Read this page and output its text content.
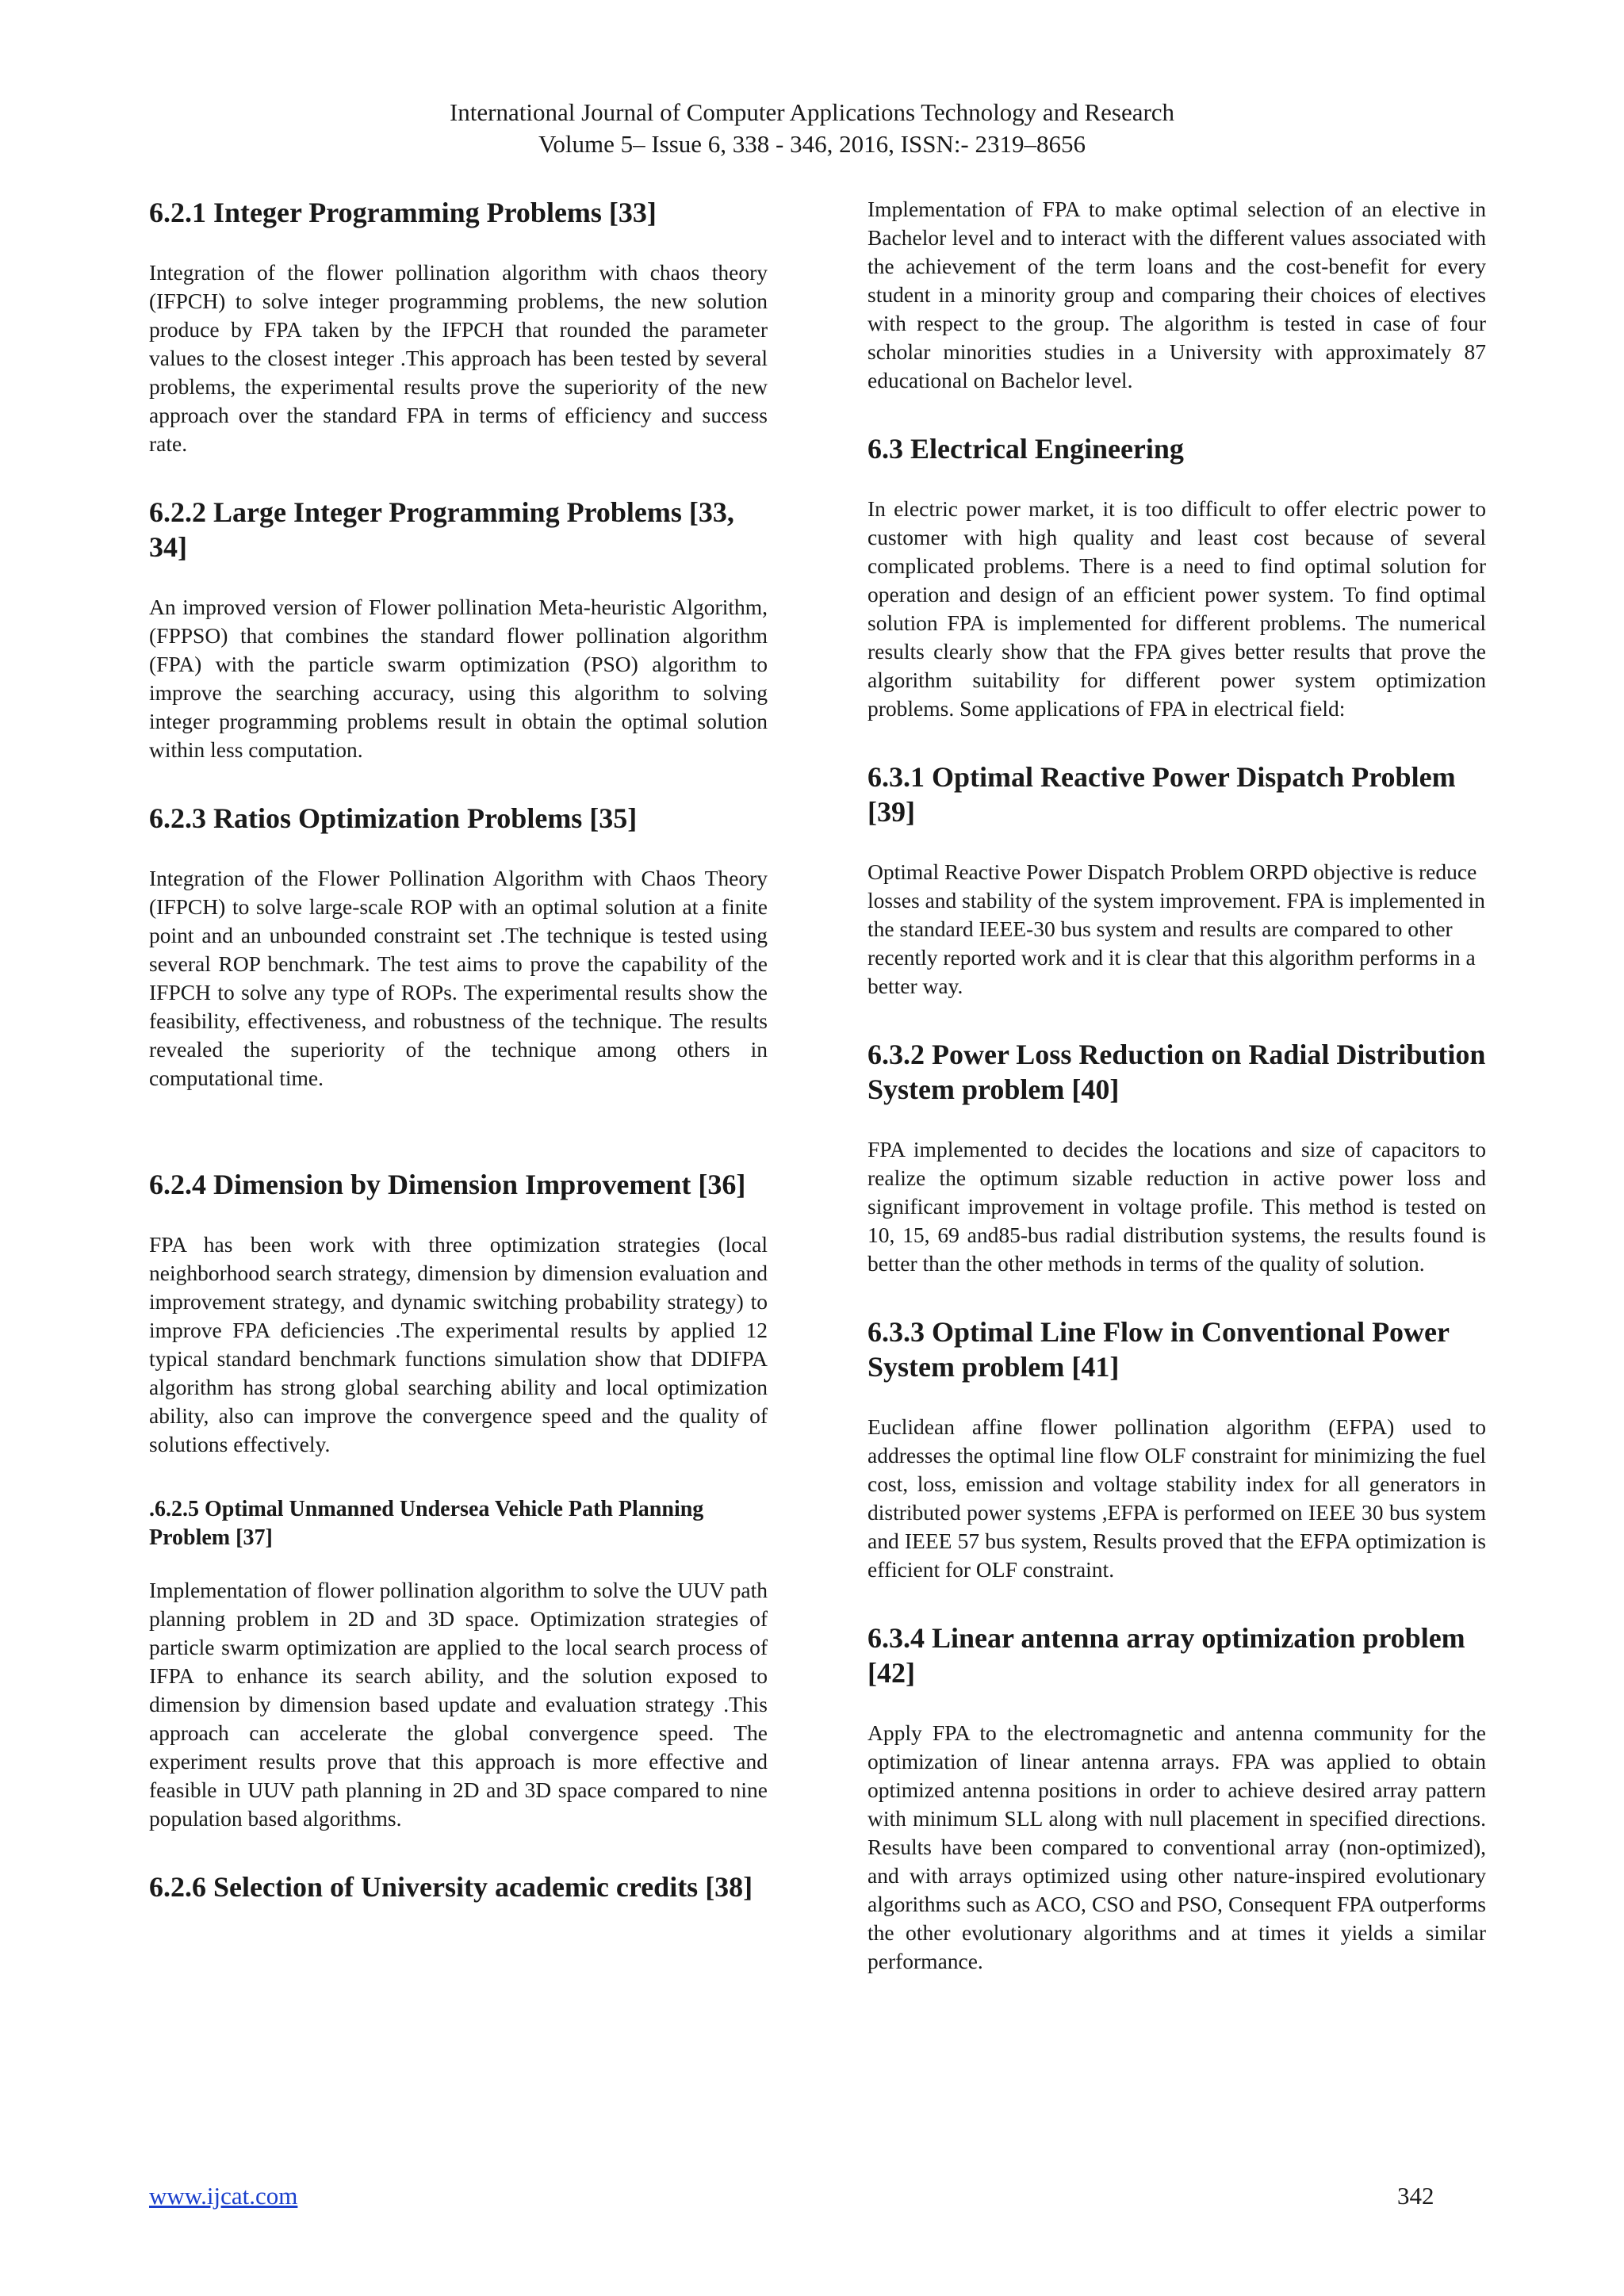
International Journal of Computer Applications Technology and Research
Volume 5– Issue 6, 338 - 346, 2016, ISSN:- 2319–8656
6.2.1 Integer Programming Problems [33]

Integration of the flower pollination algorithm with chaos theory (IFPCH) to solve integer programming problems, the new solution produce by FPA taken by the IFPCH that rounded the parameter values to the closest integer .This approach has been tested by several problems, the experimental results prove the superiority of the new approach over the standard FPA in terms of efficiency and success rate.

6.2.2 Large Integer Programming Problems [33, 34]

An improved version of Flower pollination Meta-heuristic Algorithm, (FPPSO) that combines the standard flower pollination algorithm (FPA) with the particle swarm optimization (PSO) algorithm to improve the searching accuracy, using this algorithm to solving integer programming problems result in obtain the optimal solution within less computation.

6.2.3 Ratios Optimization Problems [35]

Integration of the Flower Pollination Algorithm with Chaos Theory (IFPCH) to solve large-scale ROP with an optimal solution at a finite point and an unbounded constraint set .The technique is tested using several ROP benchmark. The test aims to prove the capability of the IFPCH to solve any type of ROPs. The experimental results show the feasibility, effectiveness, and robustness of the technique. The results revealed the superiority of the technique among others in computational time.

6.2.4 Dimension by Dimension Improvement [36]

FPA has been work with three optimization strategies (local neighborhood search strategy, dimension by dimension evaluation and improvement strategy, and dynamic switching probability strategy) to improve FPA deficiencies .The experimental results by applied 12 typical standard benchmark functions simulation show that DDIFPA algorithm has strong global searching ability and local optimization ability, also can improve the convergence speed and the quality of solutions effectively.

.6.2.5 Optimal Unmanned Undersea Vehicle Path Planning Problem [37]

Implementation of flower pollination algorithm to solve the UUV path planning problem in 2D and 3D space. Optimization strategies of particle swarm optimization are applied to the local search process of IFPA to enhance its search ability, and the solution exposed to dimension by dimension based update and evaluation strategy .This approach can accelerate the global convergence speed. The experiment results prove that this approach is more effective and feasible in UUV path planning in 2D and 3D space compared to nine population based algorithms.

6.2.6 Selection of University academic credits [38]

Implementation of FPA to make optimal selection of an elective in Bachelor level and to interact with the different values associated with the achievement of the term loans and the cost-benefit for every student in a minority group and comparing their choices of electives with respect to the group. The algorithm is tested in case of four scholar minorities studies in a University with approximately 87 educational on Bachelor level.

6.3 Electrical Engineering

In electric power market, it is too difficult to offer electric power to customer with high quality and least cost because of several complicated problems. There is a need to find optimal solution for operation and design of an efficient power system. To find optimal solution FPA is implemented for different problems. The numerical results clearly show that the FPA gives better results that prove the algorithm suitability for different power system optimization problems. Some applications of FPA in electrical field:

6.3.1 Optimal Reactive Power Dispatch Problem [39]

Optimal Reactive Power Dispatch Problem ORPD objective is reduce losses and stability of the system improvement. FPA is implemented in the standard IEEE-30 bus system and results are compared to other recently reported work and it is clear that this algorithm performs in a better way.

6.3.2 Power Loss Reduction on Radial Distribution System problem [40]

FPA implemented to decides the locations and size of capacitors to realize the optimum sizable reduction in active power loss and significant improvement in voltage profile. This method is tested on 10, 15, 69 and85-bus radial distribution systems, the results found is better than the other methods in terms of the quality of solution.

6.3.3 Optimal Line Flow in Conventional Power System problem [41]

Euclidean affine flower pollination algorithm (EFPA) used to addresses the optimal line flow OLF constraint for minimizing the fuel cost, loss, emission and voltage stability index for all generators in distributed power systems ,EFPA is performed on IEEE 30 bus system and IEEE 57 bus system, Results proved that the EFPA optimization is efficient for OLF constraint.

6.3.4 Linear antenna array optimization problem [42]

Apply FPA to the electromagnetic and antenna community for the optimization of linear antenna arrays. FPA was applied to obtain optimized antenna positions in order to achieve desired array pattern with minimum SLL along with null placement in specified directions. Results have been compared to conventional array (non-optimized), and with arrays optimized using other nature-inspired evolutionary algorithms such as ACO, CSO and PSO, Consequent FPA outperforms the other evolutionary algorithms and at times it yields a similar performance.

www.ijcat.com	342
